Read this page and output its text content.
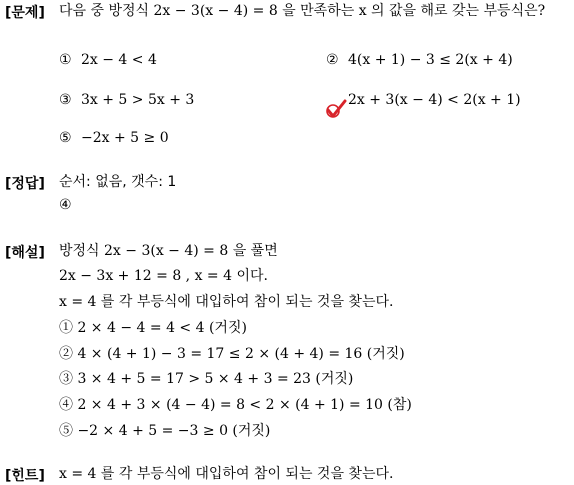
[문제] 다음 중 방정식 2x − 3(x − 4) = 8 을 만족하는 x 의 값을 해로 갖는 부등식은?
① 2x − 4 < 4	② 4(x + 1) − 3 ≤ 2(x + 4)
③ 3x + 5 > 5x + 3	2x + 3(x − 4) < 2(x + 1)
⑤ −2x + 5 ≥ 0
[정답] 순서: 없음, 갯수: 1
④
[해설] 방정식 2x − 3(x − 4) = 8 을 풀면
2x − 3x + 12 = 8 , x = 4 이다.
x = 4 를 각 부등식에 대입하여 참이 되는 것을 찾는다.
① 2 × 4 − 4 = 4 < 4 (거짓)
② 4 × (4 + 1) − 3 = 17 ≤ 2 × (4 + 4) = 16 (거짓)
③ 3 × 4 + 5 = 17 > 5 × 4 + 3 = 23 (거짓)
④ 2 × 4 + 3 × (4 − 4) = 8 < 2 × (4 + 1) = 10 (참)
⑤ −2 × 4 + 5 = −3 ≥ 0 (거짓)
[힌트] x = 4 를 각 부등식에 대입하여 참이 되는 것을 찾는다.
